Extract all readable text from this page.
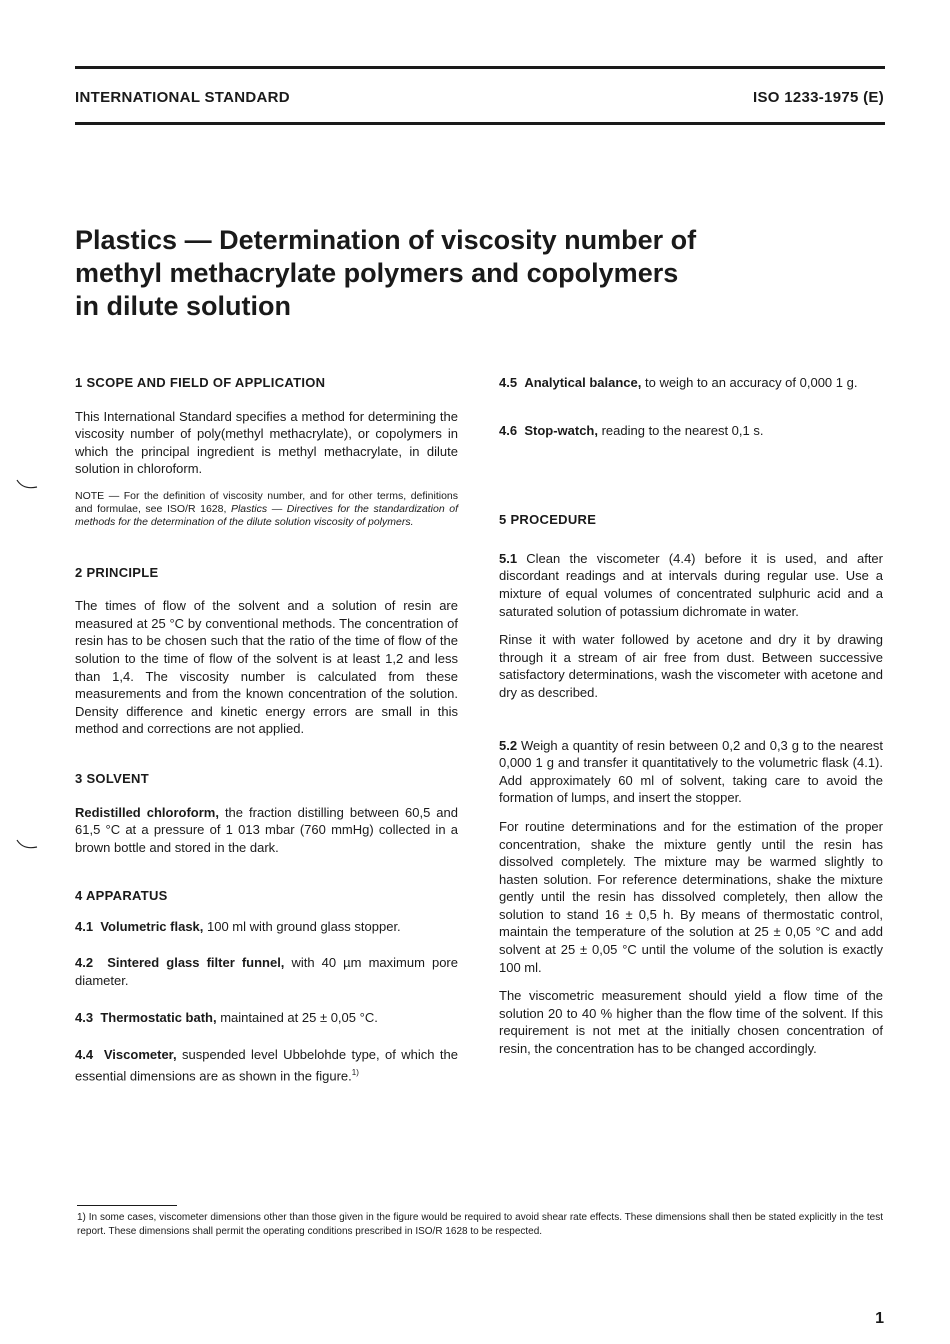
INTERNATIONAL STANDARD	ISO 1233-1975 (E)
Plastics — Determination of viscosity number of
methyl methacrylate polymers and copolymers
in dilute solution
1 SCOPE AND FIELD OF APPLICATION

This International Standard specifies a method for determining the viscosity number of poly(methyl methacrylate), or copolymers in which the principal ingredient is methyl methacrylate, in dilute solution in chloroform.

NOTE — For the definition of viscosity number, and for other terms, definitions and formulae, see ISO/R 1628, Plastics — Directives for the standardization of methods for the determination of the dilute solution viscosity of polymers.

2 PRINCIPLE

The times of flow of the solvent and a solution of resin are measured at 25 °C by conventional methods. The concentration of resin has to be chosen such that the ratio of the time of flow of the solution to the time of flow of the solvent is at least 1,2 and less than 1,4. The viscosity number is calculated from these measurements and from the known concentration of the solution. Density difference and kinetic energy errors are small in this method and corrections are not applied.

3 SOLVENT

Redistilled chloroform, the fraction distilling between 60,5 and 61,5 °C at a pressure of 1 013 mbar (760 mmHg) collected in a brown bottle and stored in the dark.

4 APPARATUS

4.1 Volumetric flask, 100 ml with ground glass stopper.

4.2 Sintered glass filter funnel, with 40 µm maximum pore diameter.

4.3 Thermostatic bath, maintained at 25 ± 0,05 °C.

4.4 Viscometer, suspended level Ubbelohde type, of which the essential dimensions are as shown in the figure.$^{1)}$

4.5 Analytical balance, to weigh to an accuracy of 0,000 1 g.

4.6 Stop-watch, reading to the nearest 0,1 s.

5 PROCEDURE

5.1 Clean the viscometer (4.4) before it is used, and after discordant readings and at intervals during regular use. Use a mixture of equal volumes of concentrated sulphuric acid and a saturated solution of potassium dichromate in water.

Rinse it with water followed by acetone and dry it by drawing through it a stream of air free from dust. Between successive satisfactory determinations, wash the viscometer with acetone and dry as described.

5.2 Weigh a quantity of resin between 0,2 and 0,3 g to the nearest 0,000 1 g and transfer it quantitatively to the volumetric flask (4.1). Add approximately 60 ml of solvent, taking care to avoid the formation of lumps, and insert the stopper.

For routine determinations and for the estimation of the proper concentration, shake the mixture gently until the resin has dissolved completely. The mixture may be warmed slightly to hasten solution. For reference determinations, shake the mixture gently until the resin has dissolved completely, then allow the solution to stand 16 ± 0,5 h. By means of thermostatic control, maintain the temperature of the solution at 25 ± 0,05 °C and add solvent at 25 ± 0,05 °C until the volume of the solution is exactly 100 ml.

The viscometric measurement should yield a flow time of the solution 20 to 40 % higher than the flow time of the solvent. If this requirement is not met at the initially chosen concentration of resin, the concentration has to be changed accordingly.

1) In some cases, viscometer dimensions other than those given in the figure would be required to avoid shear rate effects. These dimensions shall then be stated explicitly in the test report. These dimensions shall permit the operating conditions prescribed in ISO/R 1628 to be respected.

1
